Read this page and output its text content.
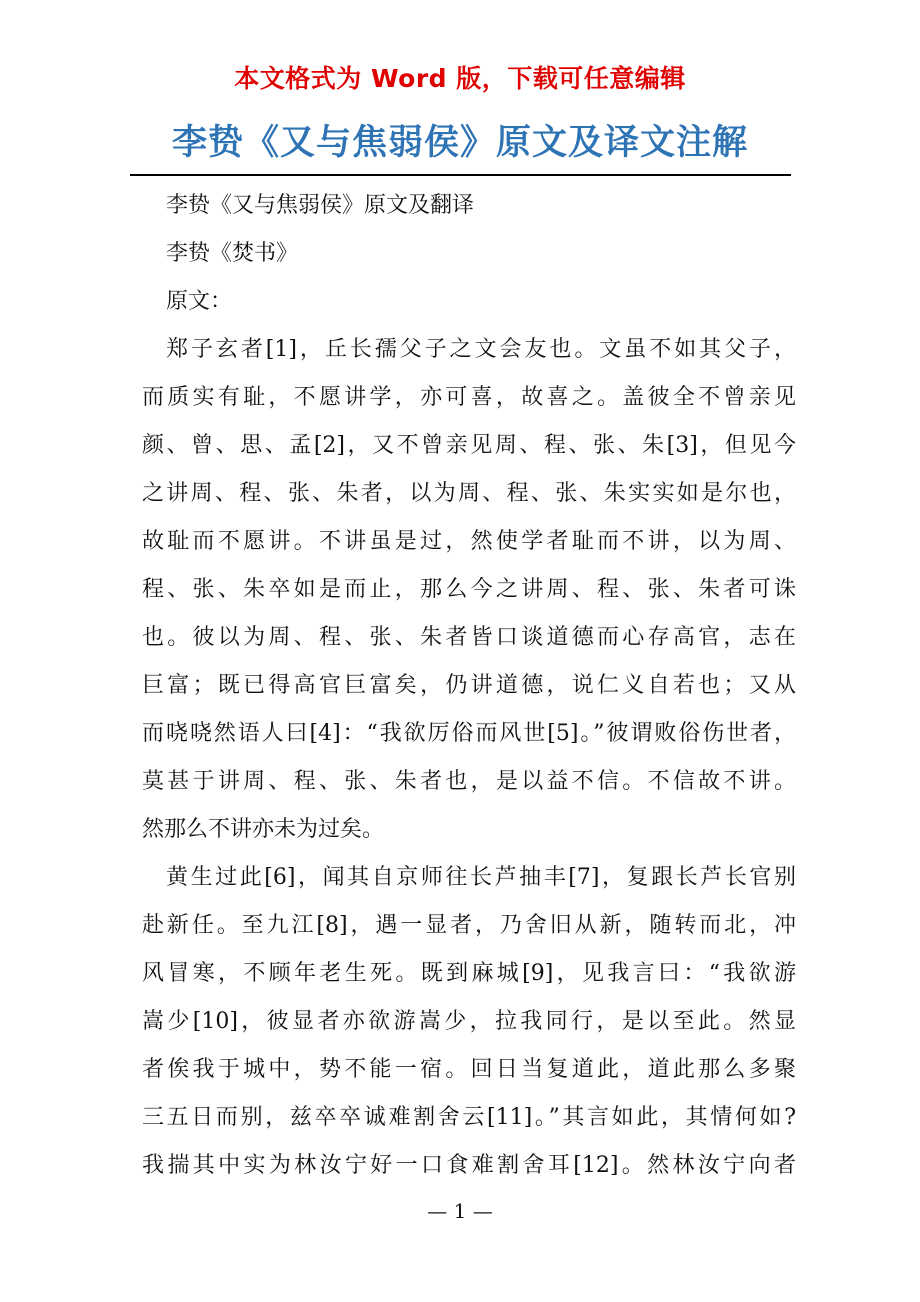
本文格式为 Word 版，下载可任意编辑
李贽《又与焦弱侯》原文及译文注解
李贽《又与焦弱侯》原文及翻译
李贽《焚书》
原文：
郑子玄者[1]，丘长孺父子之文会友也。文虽不如其父子，
而质实有耻，不愿讲学，亦可喜，故喜之。盖彼全不曾亲见
颜、曾、思、孟[2]，又不曾亲见周、程、张、朱[3]，但见今
之讲周、程、张、朱者，以为周、程、张、朱实实如是尔也，
故耻而不愿讲。不讲虽是过，然使学者耻而不讲，以为周、
程、张、朱卒如是而止，那么今之讲周、程、张、朱者可诛
也。彼以为周、程、张、朱者皆口谈道德而心存高官，志在
巨富；既已得高官巨富矣，仍讲道德，说仁义自若也；又从
而哓哓然语人曰[4]：“我欲厉俗而风世[5]。”彼谓败俗伤世者，
莫甚于讲周、程、张、朱者也，是以益不信。不信故不讲。
然那么不讲亦未为过矣。
黄生过此[6]，闻其自京师往长芦抽丰[7]，复跟长芦长官别
赴新任。至九江[8]，遇一显者，乃舍旧从新，随转而北，冲
风冒寒，不顾年老生死。既到麻城[9]，见我言曰：“我欲游
嵩少[10]，彼显者亦欲游嵩少，拉我同行，是以至此。然显
者俟我于城中，势不能一宿。回日当复道此，道此那么多聚
三五日而别，兹卒卒诚难割舍云[11]。”其言如此，其情何如?
我揣其中实为林汝宁好一口食难割舍耳[12]。然林汝宁向者
— 1 —
